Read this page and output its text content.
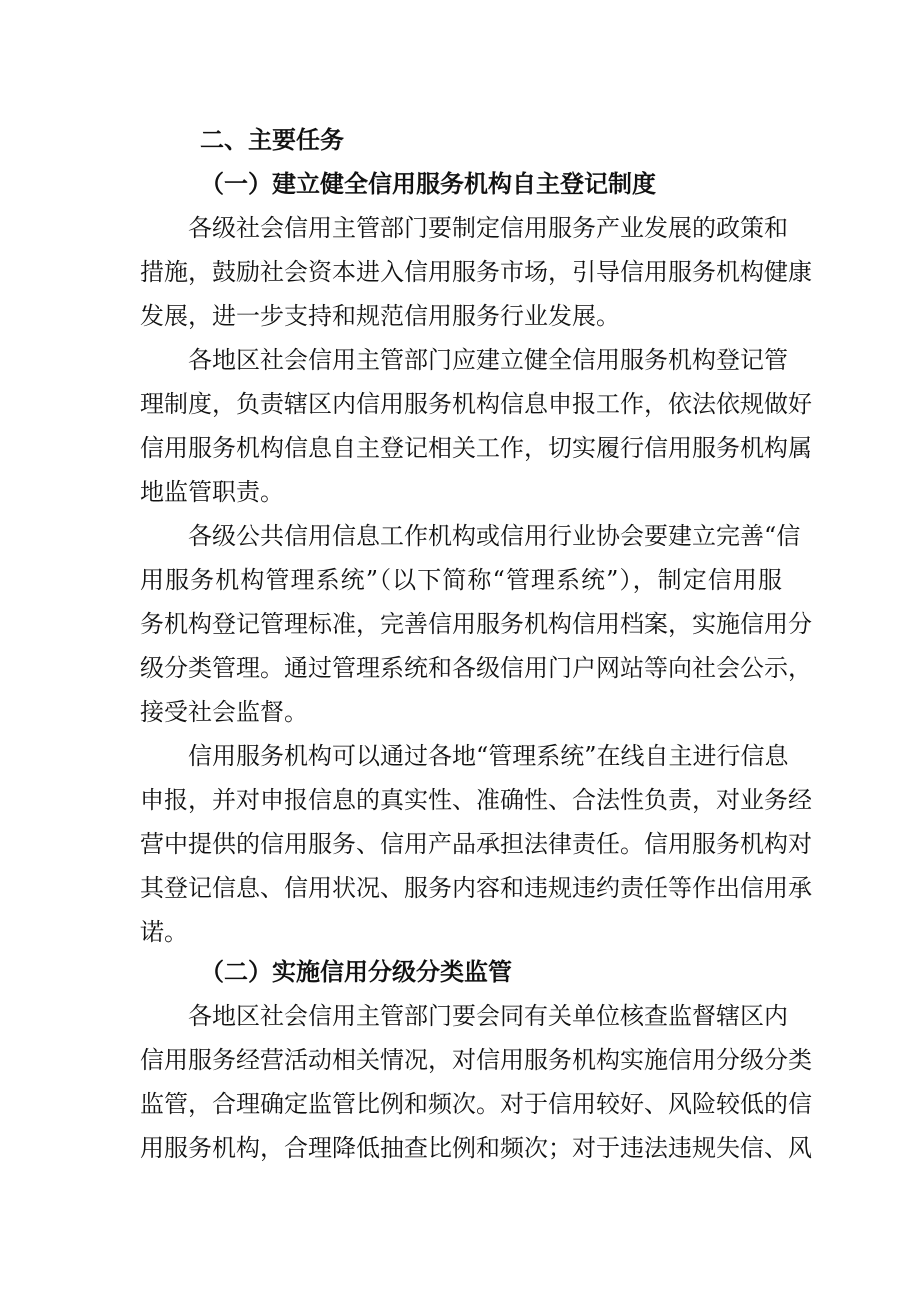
二、主要任务
（一）建立健全信用服务机构自主登记制度
各级社会信用主管部门要制定信用服务产业发展的政策和
措施，鼓励社会资本进入信用服务市场，引导信用服务机构健康
发展，进一步支持和规范信用服务行业发展。
各地区社会信用主管部门应建立健全信用服务机构登记管
理制度，负责辖区内信用服务机构信息申报工作，依法依规做好
信用服务机构信息自主登记相关工作，切实履行信用服务机构属
地监管职责。
各级公共信用信息工作机构或信用行业协会要建立完善“信
用服务机构管理系统”（以下简称“管理系统”），制定信用服
务机构登记管理标准，完善信用服务机构信用档案，实施信用分
级分类管理。通过管理系统和各级信用门户网站等向社会公示，
接受社会监督。
信用服务机构可以通过各地“管理系统”在线自主进行信息
申报，并对申报信息的真实性、准确性、合法性负责，对业务经
营中提供的信用服务、信用产品承担法律责任。信用服务机构对
其登记信息、信用状况、服务内容和违规违约责任等作出信用承
诺。
（二）实施信用分级分类监管
各地区社会信用主管部门要会同有关单位核查监督辖区内
信用服务经营活动相关情况，对信用服务机构实施信用分级分类
监管，合理确定监管比例和频次。对于信用较好、风险较低的信
用服务机构，合理降低抽查比例和频次；对于违法违规失信、风
